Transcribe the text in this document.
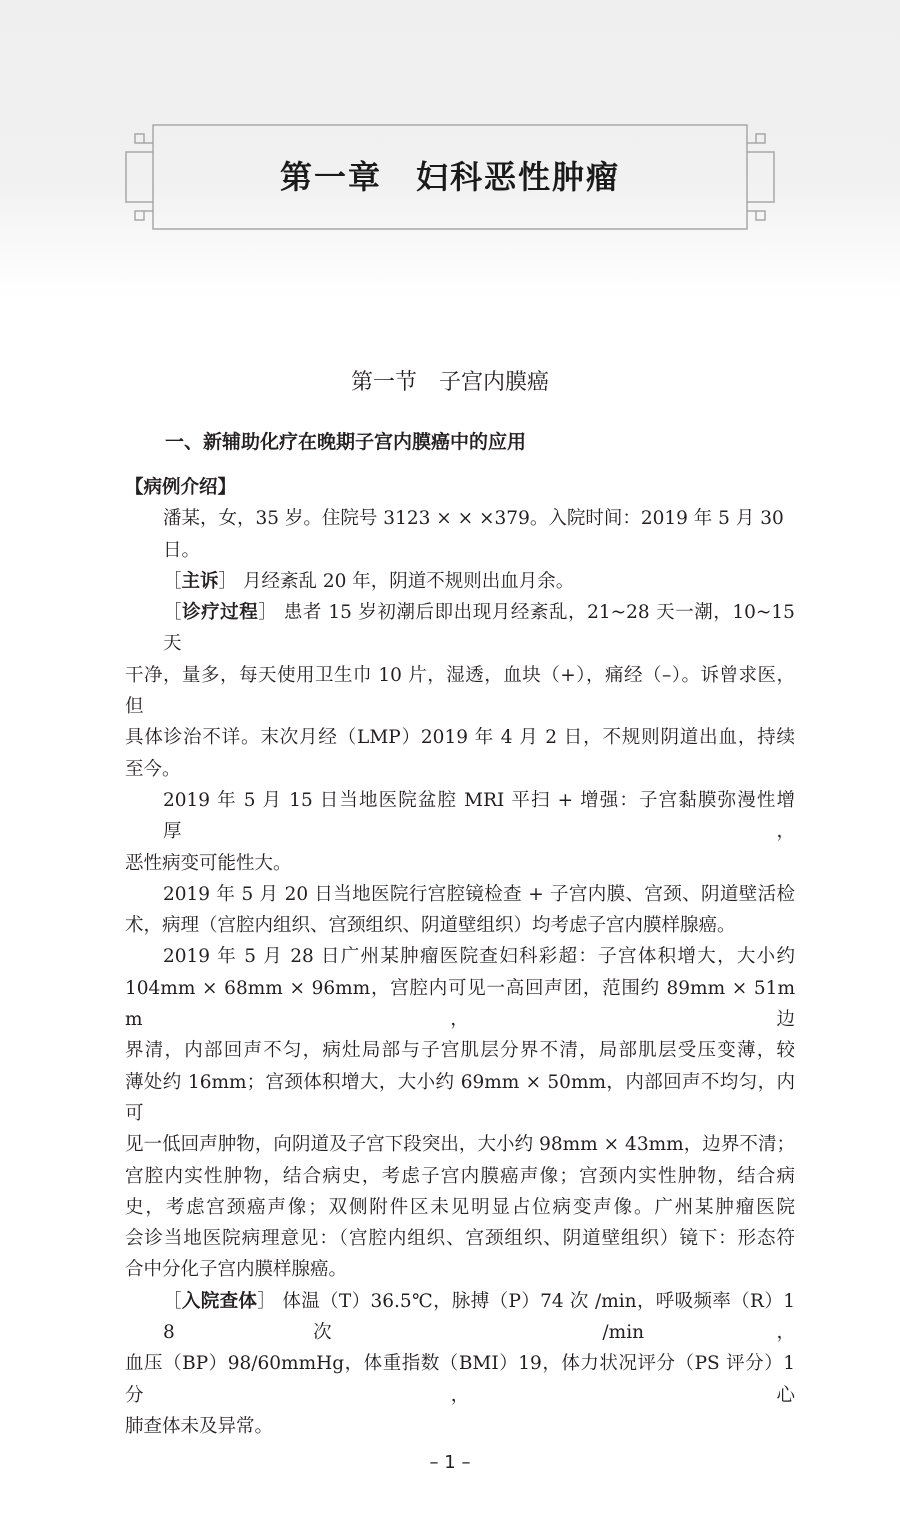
第一章　妇科恶性肿瘤
第一节　子宫内膜癌
一、新辅助化疗在晚期子宫内膜癌中的应用
【病例介绍】
潘某，女，35 岁。住院号 3123 × × ×379。入院时间：2019 年 5 月 30 日。
［主诉］ 月经紊乱 20 年，阴道不规则出血月余。
［诊疗过程］ 患者 15 岁初潮后即出现月经紊乱，21~28 天一潮，10~15 天
干净，量多，每天使用卫生巾 10 片，湿透，血块（+），痛经（–）。诉曾求医，但
具体诊治不详。末次月经（LMP）2019 年 4 月 2 日，不规则阴道出血，持续
至今。
2019 年 5 月 15 日当地医院盆腔 MRI 平扫 + 增强：子宫黏膜弥漫性增厚，
恶性病变可能性大。
2019 年 5 月 20 日当地医院行宫腔镜检查 + 子宫内膜、宫颈、阴道壁活检
术，病理（宫腔内组织、宫颈组织、阴道壁组织）均考虑子宫内膜样腺癌。
2019 年 5 月 28 日广州某肿瘤医院查妇科彩超：子宫体积增大，大小约
104mm × 68mm × 96mm，宫腔内可见一高回声团，范围约 89mm × 51mm，边
界清，内部回声不匀，病灶局部与子宫肌层分界不清，局部肌层受压变薄，较
薄处约 16mm；宫颈体积增大，大小约 69mm × 50mm，内部回声不均匀，内可
见一低回声肿物，向阴道及子宫下段突出，大小约 98mm × 43mm，边界不清；
宫腔内实性肿物，结合病史，考虑子宫内膜癌声像；宫颈内实性肿物，结合病
史，考虑宫颈癌声像；双侧附件区未见明显占位病变声像。广州某肿瘤医院
会诊当地医院病理意见：（宫腔内组织、宫颈组织、阴道壁组织）镜下：形态符
合中分化子宫内膜样腺癌。
［入院查体］ 体温（T）36.5℃，脉搏（P）74 次 /min，呼吸频率（R）18 次 /min，
血压（BP）98/60mmHg，体重指数（BMI）19，体力状况评分（PS 评分）1 分，心
肺查体未及异常。
– 1 –
